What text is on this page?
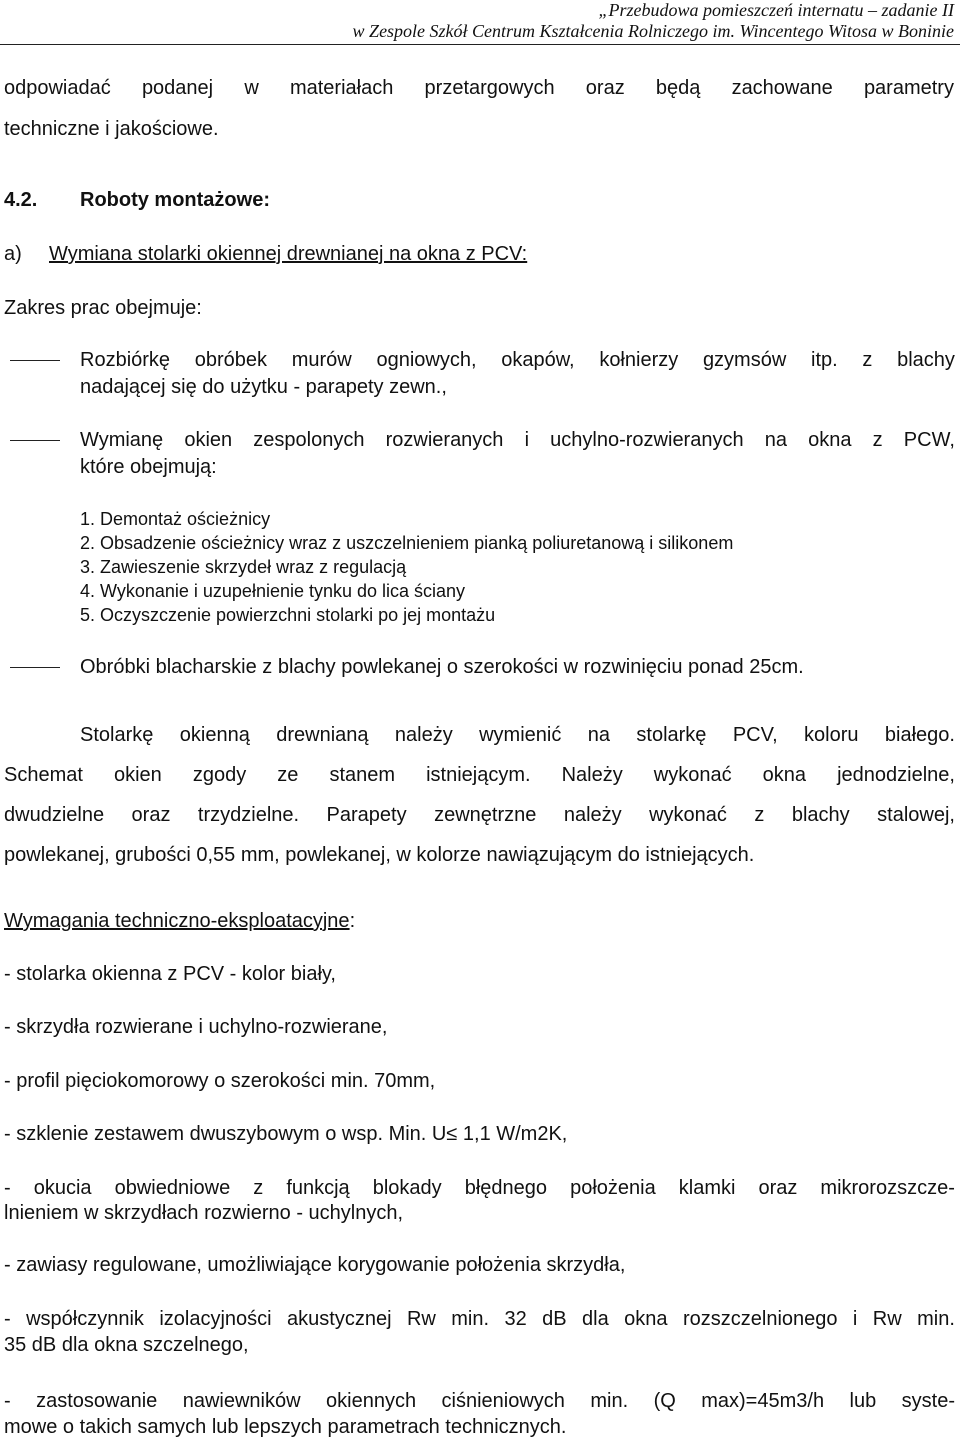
„Przebudowa pomieszczeń internatu – zadanie II
w Zespole Szkół Centrum Kształcenia Rolniczego im. Wincentego Witosa w Boninie
odpowiadać podanej w materiałach przetargowych oraz będą zachowane parametry
techniczne i jakościowe.
4.2. Roboty montażowe:
a) Wymiana stolarki okiennej drewnianej na okna z PCV:
Zakres prac obejmuje:
Rozbiórkę obróbek murów ogniowych, okapów, kołnierzy gzymsów itp. z blachy
nadającej się do użytku - parapety zewn.,
Wymianę okien zespolonych rozwieranych i uchylno-rozwieranych na okna z PCW,
które obejmują:
1. Demontaż ościeżnicy
2. Obsadzenie ościeżnicy wraz z uszczelnieniem pianką poliuretanową i silikonem
3. Zawieszenie skrzydeł wraz z regulacją
4. Wykonanie i uzupełnienie tynku do lica ściany
5. Oczyszczenie powierzchni stolarki po jej montażu
Obróbki blacharskie z blachy powlekanej o szerokości w rozwinięciu ponad 25cm.
Stolarkę okienną drewnianą należy wymienić na stolarkę PCV, koloru białego.
Schemat okien zgody ze stanem istniejącym. Należy wykonać okna jednodzielne,
dwudzielne oraz trzydzielne. Parapety zewnętrzne należy wykonać z blachy stalowej,
powlekanej, grubości 0,55 mm, powlekanej, w kolorze nawiązującym do istniejących.
Wymagania techniczno-eksploatacyjne:
- stolarka okienna z PCV - kolor biały,
- skrzydła rozwierane i uchylno-rozwierane,
- profil pięciokomorowy o szerokości min. 70mm,
- szklenie zestawem dwuszybowym o wsp. Min. U≤ 1,1 W/m2K,
- okucia obwiedniowe z funkcją blokady błędnego położenia klamki oraz mikrorozszcze-
lnieniem w skrzydłach rozwierno - uchylnych,
- zawiasy regulowane, umożliwiające korygowanie położenia skrzydła,
- współczynnik izolacyjności akustycznej Rw min. 32 dB dla okna rozszczelnionego i Rw min.
35 dB dla okna szczelnego,
- zastosowanie nawiewników okiennych ciśnieniowych min. (Q max)=45m3/h lub syste-
mowe o takich samych lub lepszych parametrach technicznych.
